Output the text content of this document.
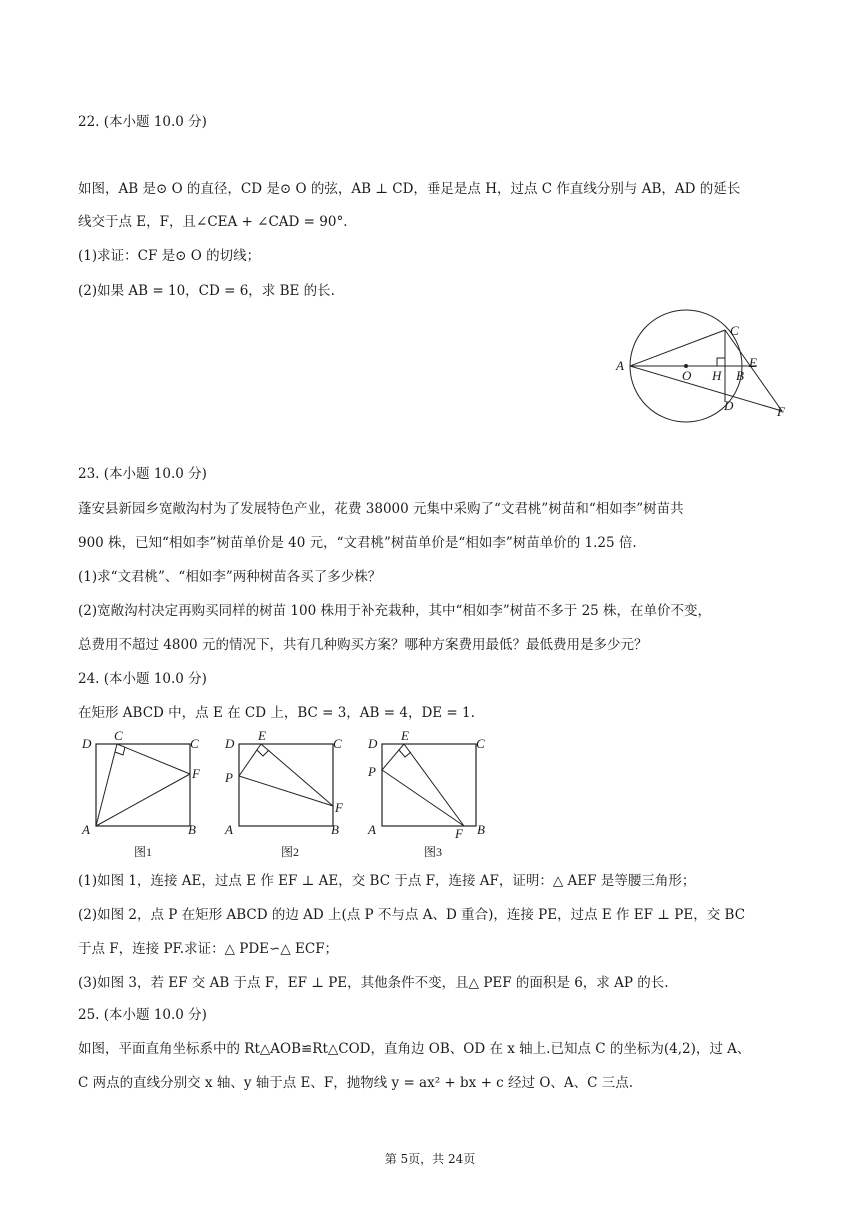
22. (本小题 10.0 分)
如图，AB 是⊙ O 的直径，CD 是⊙ O 的弦，AB ⊥ CD，垂足是点 H，过点 C 作直线分别与 AB，AD 的延长
线交于点 E，F，且∠CEA + ∠CAD = 90°.
(1)求证：CF 是⊙ O 的切线；
(2)如果 AB = 10，CD = 6，求 BE 的长.
A
O H B
C
D
E
F
23. (本小题 10.0 分)
蓬安县新园乡宽敞沟村为了发展特色产业，花费 38000 元集中采购了“文君桃”树苗和“相如李”树苗共
900 株，已知“相如李”树苗单价是 40 元，“文君桃”树苗单价是“相如李”树苗单价的 1.25 倍.
(1)求“文君桃”、“相如李”两种树苗各买了多少株？
(2)宽敞沟村决定再购买同样的树苗 100 株用于补充栽种，其中“相如李”树苗不多于 25 株，在单价不变，
总费用不超过 4800 元的情况下，共有几种购买方案？哪种方案费用最低？最低费用是多少元？
24. (本小题 10.0 分)
在矩形 ABCD 中，点 E 在 CD 上，BC = 3，AB = 4，DE = 1.
D
C
C
F
A	B
图1
D
E
C
P
F
A	B
图2
D
E
C
P
A	F B
图3
(1)如图 1，连接 AE，过点 E 作 EF ⊥ AE，交 BC 于点 F，连接 AF，证明：△ AEF 是等腰三角形；
(2)如图 2，点 P 在矩形 ABCD 的边 AD 上(点 P 不与点 A、D 重合)，连接 PE，过点 E 作 EF ⊥ PE，交 BC
于点 F，连接 PF.求证：△ PDE∽△ ECF；
(3)如图 3，若 EF 交 AB 于点 F，EF ⊥ PE，其他条件不变，且△ PEF 的面积是 6，求 AP 的长.
25. (本小题 10.0 分)
如图，平面直角坐标系中的 Rt△AOB≌Rt△COD，直角边 OB、OD 在 x 轴上.已知点 C 的坐标为(4,2)，过 A、
C 两点的直线分别交 x 轴、y 轴于点 E、F，抛物线 y = ax² + bx + c 经过 O、A、C 三点.
第 5页，共 24页
